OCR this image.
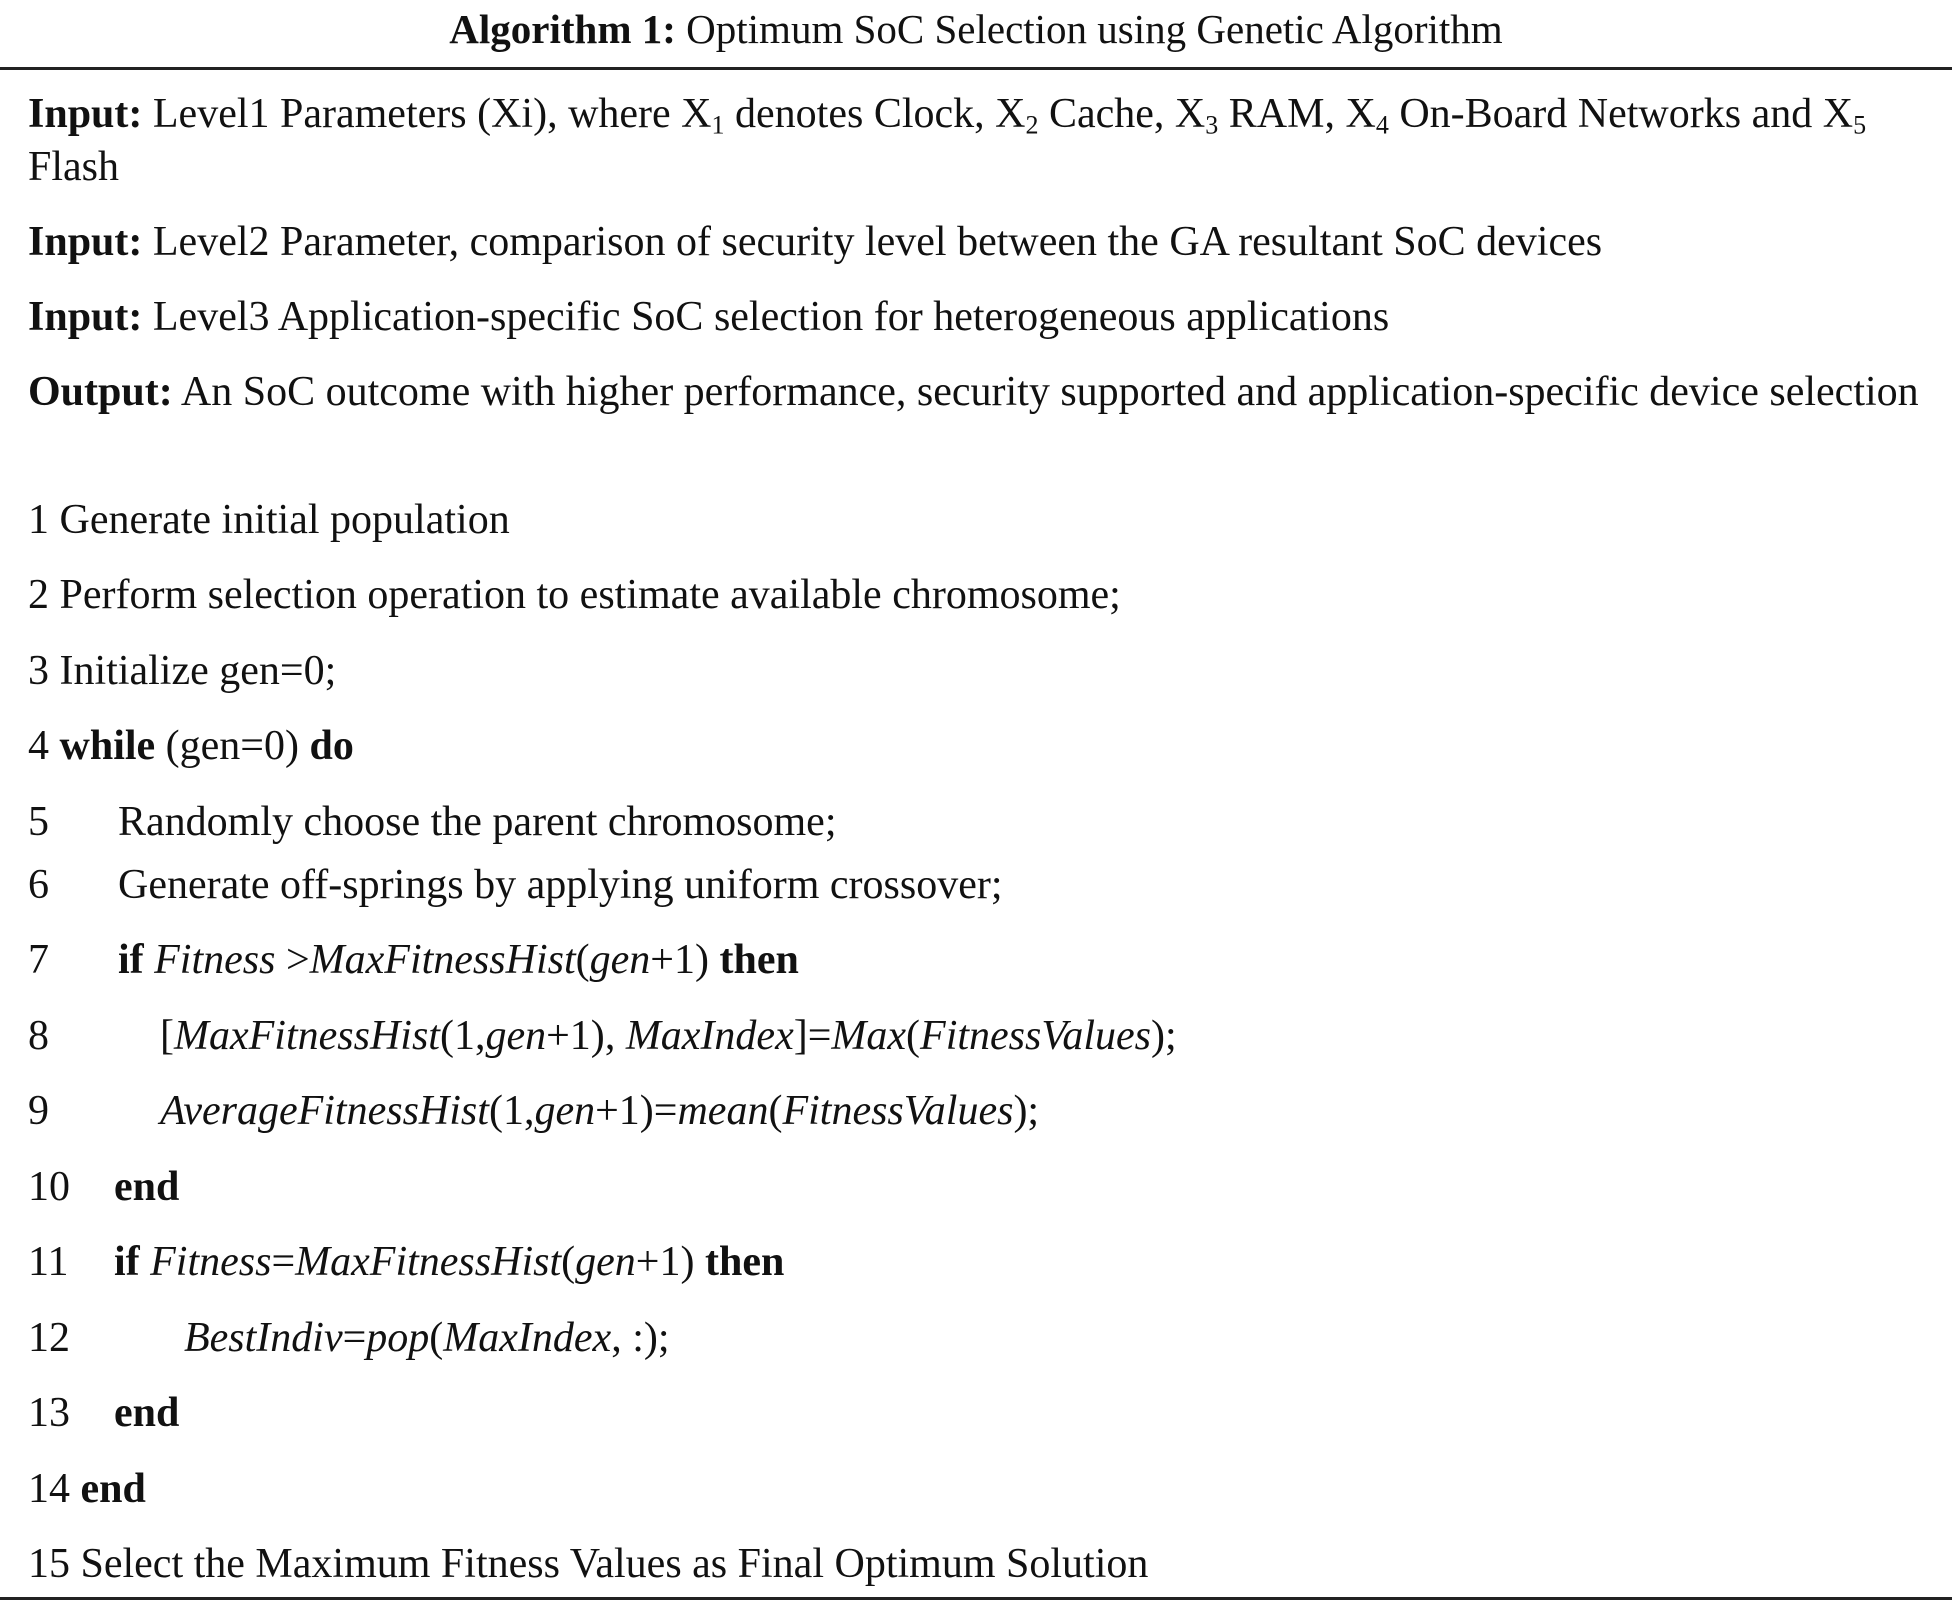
Algorithm 1: Optimum SoC Selection using Genetic Algorithm
Input: Level1 Parameters (Xi), where $X_1$ denotes Clock, $X_2$ Cache, $X_3$ RAM, $X_4$ On-Board Networks and $X_5$ Flash
Input: Level2 Parameter, comparison of security level between the GA resultant SoC devices
Input: Level3 Application-specific SoC selection for heterogeneous applications
Output: An SoC outcome with higher performance, security supported and application-specific device selection
1 Generate initial population
2 Perform selection operation to estimate available chromosome;
3 Initialize gen=0;
4 while (gen=0) do
5 Randomly choose the parent chromosome;
6 Generate off-springs by applying uniform crossover;
7 if Fitness >MaxFitnessHist(gen+1) then
8	[MaxFitnessHist(1,gen+1), MaxIndex]=Max(FitnessValues);
9	AverageFitnessHist(1,gen+1)=mean(FitnessValues);
10 end
11 if Fitness=MaxFitnessHist(gen+1) then
12	BestIndiv=pop(MaxIndex, :);
13 end
14 end
15 Select the Maximum Fitness Values as Final Optimum Solution
